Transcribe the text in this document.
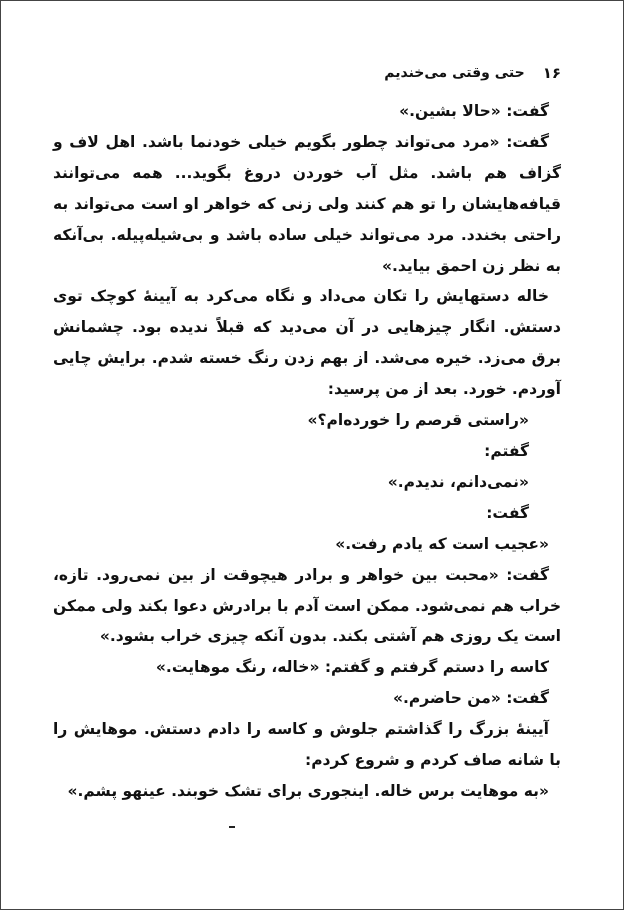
۱۶
حتی وقتی می‌خندیم

گفت: «حالا بشین.»

گفت: «مرد می‌تواند چطور بگویم خیلی خودنما باشد. اهل لاف و گزاف هم باشد. مثل آب خوردن دروغ بگوید... همه می‌توانند قیافه‌هایشان را تو هم کنند ولی زنی که خواهر او است می‌تواند به راحتی بخندد. مرد می‌تواند خیلی ساده باشد و بی‌شیله‌پیله. بی‌آنکه به نظر زن احمق بیاید.»

خاله دستهایش را تکان می‌داد و نگاه می‌کرد به آیینهٔ کوچک توی دستش. انگار چیزهایی در آن می‌دید که قبلاً ندیده بود. چشمانش برق می‌زد. خیره می‌شد. از بهم زدن رنگ خسته شدم. برایش چایی آوردم. خورد. بعد از من پرسید:

«راستی قرصم را خورده‌ام؟»

گفتم:

«نمی‌دانم، ندیدم.»

گفت:

«عجیب است که یادم رفت.»

گفت: «محبت بین خواهر و برادر هیچوقت از بین نمی‌رود. تازه، خراب هم نمی‌شود. ممکن است آدم با برادرش دعوا بکند ولی ممکن است یک روزی هم آشتی بکند. بدون آنکه چیزی خراب بشود.»

کاسه را دستم گرفتم و گفتم: «خاله، رنگ موهایت.»

گفت: «من حاضرم.»

آیینهٔ بزرگ را گذاشتم جلوش و کاسه را دادم دستش. موهایش را با شانه صاف کردم و شروع کردم:

«به موهایت برس خاله. اینجوری برای تشک خوبند. عینهو پشم.»
